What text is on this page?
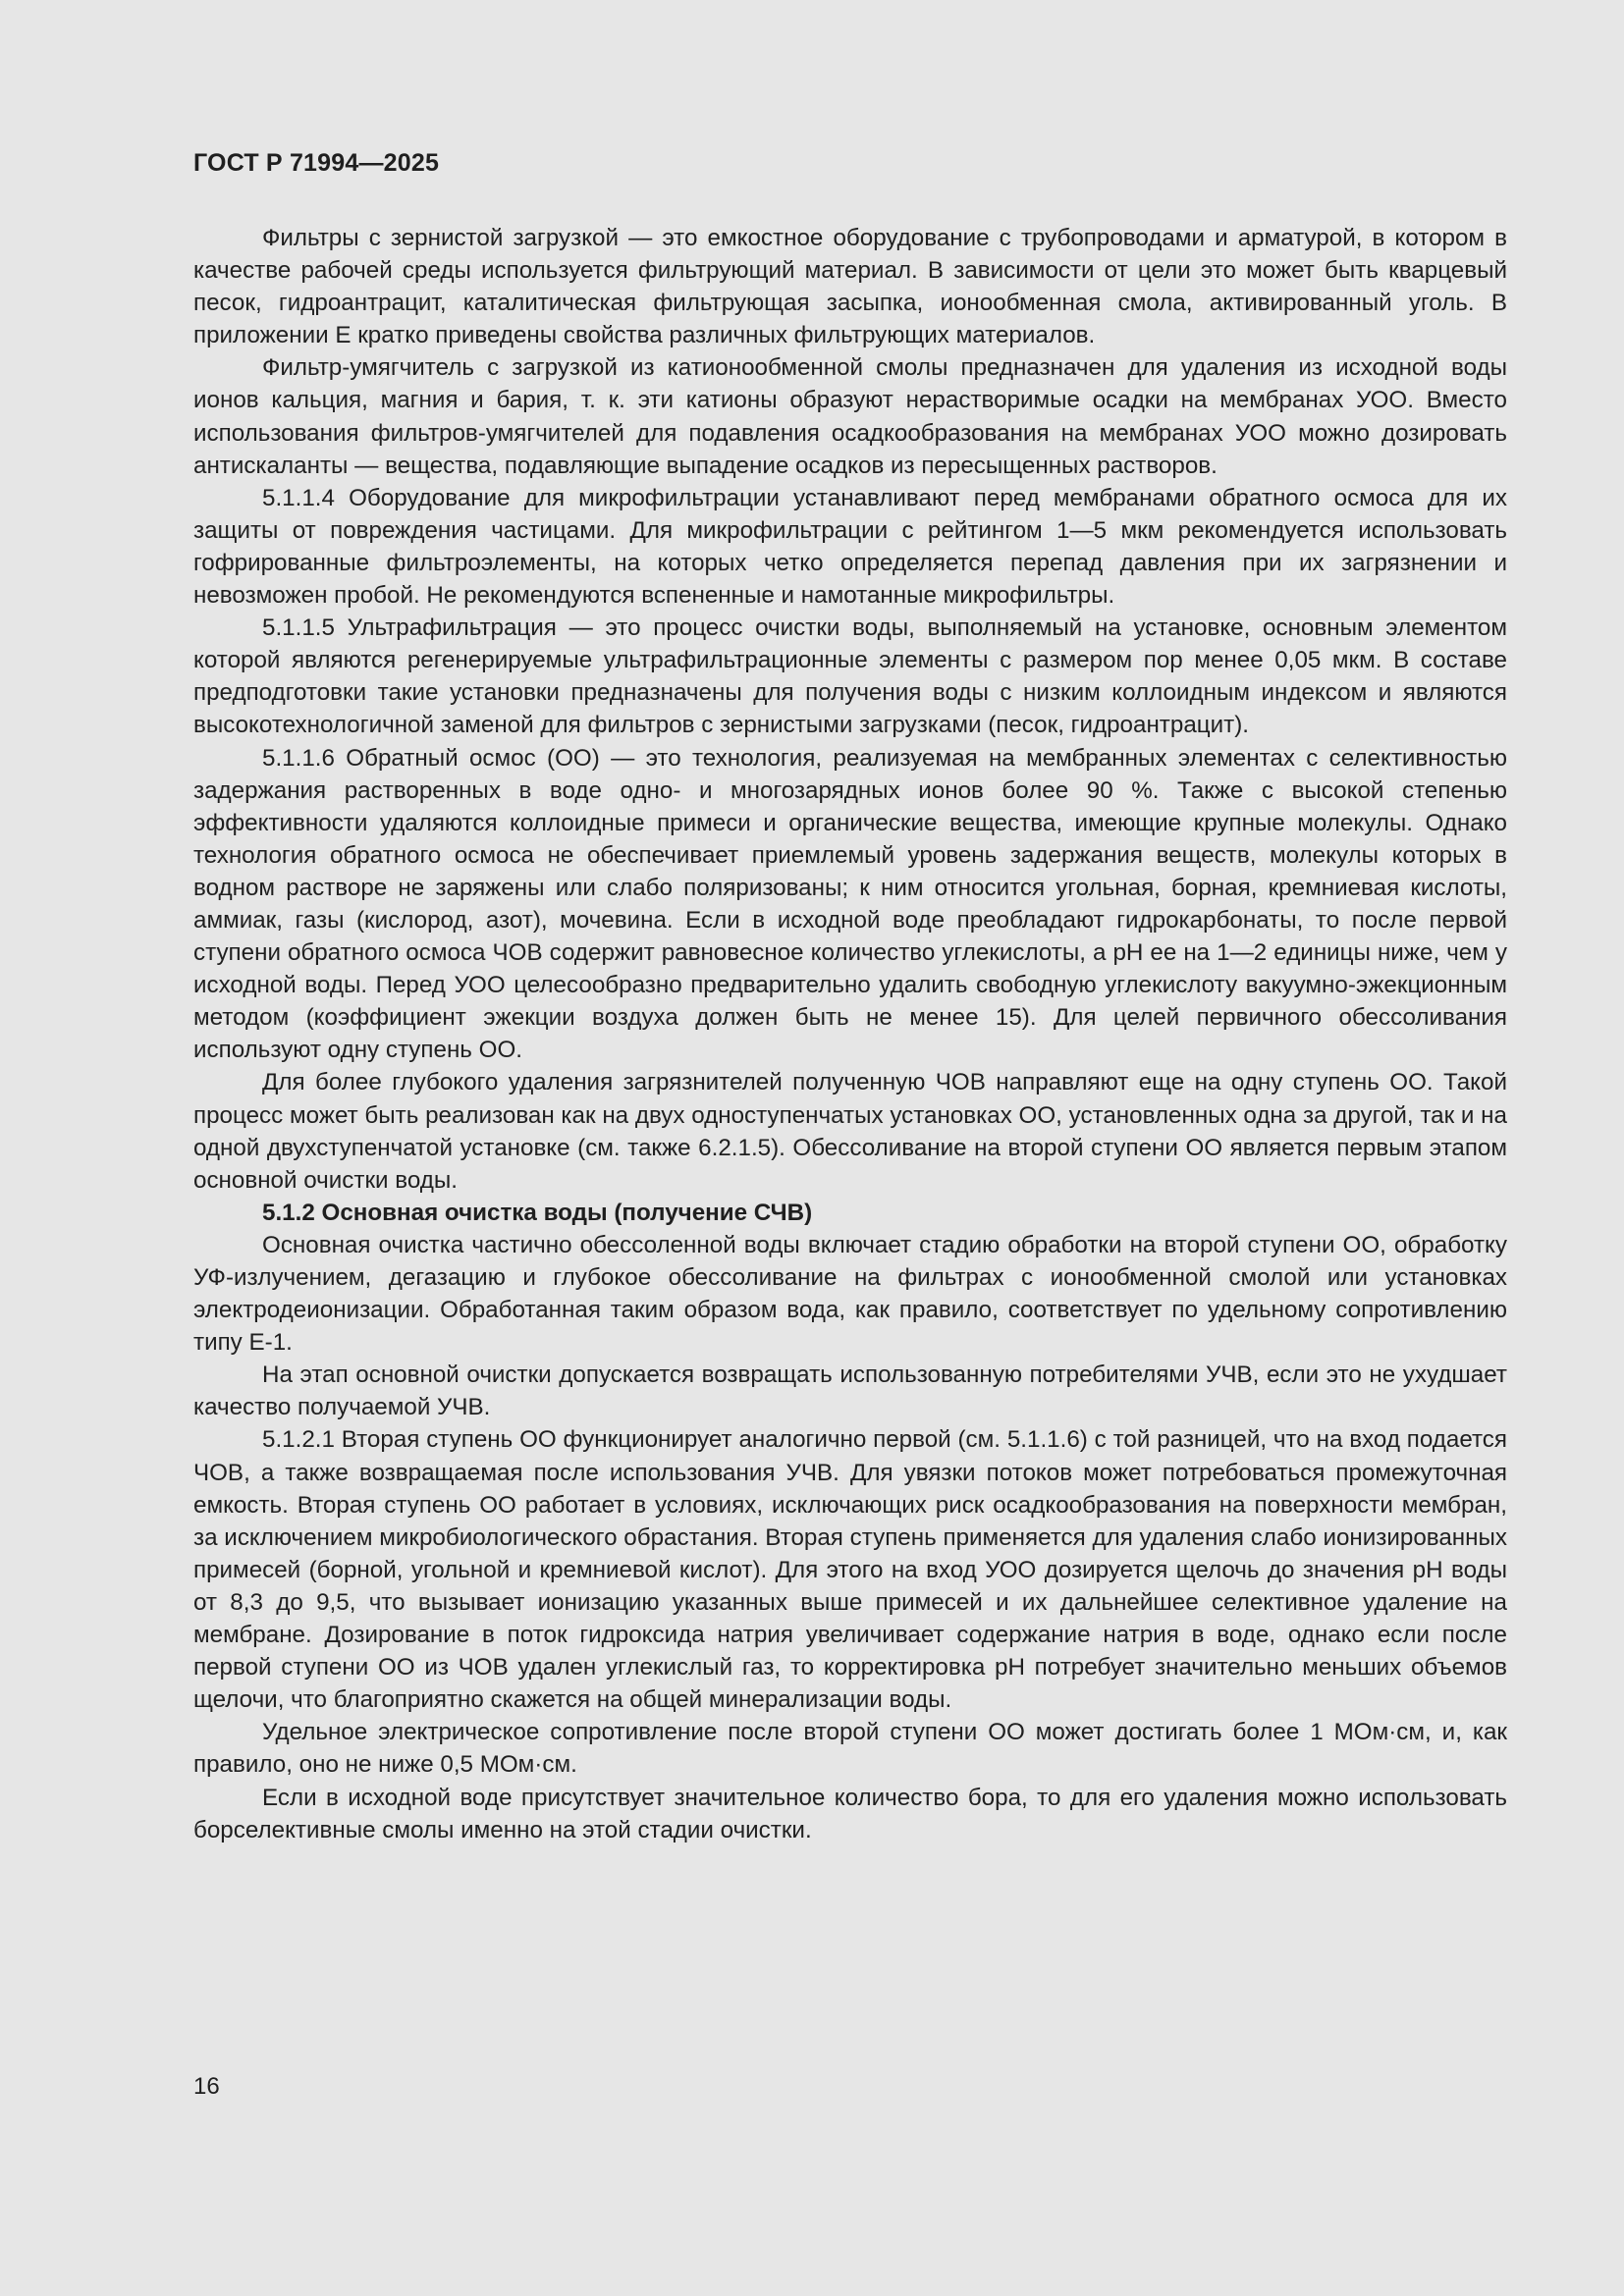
ГОСТ Р 71994—2025

Фильтры с зернистой загрузкой — это емкостное оборудование с трубопроводами и арматурой, в котором в качестве рабочей среды используется фильтрующий материал. В зависимости от цели это может быть кварцевый песок, гидроантрацит, каталитическая фильтрующая засыпка, ионообменная смола, активированный уголь. В приложении Е кратко приведены свойства различных фильтрующих материалов.

Фильтр-умягчитель с загрузкой из катионообменной смолы предназначен для удаления из исходной воды ионов кальция, магния и бария, т. к. эти катионы образуют нерастворимые осадки на мембранах УОО. Вместо использования фильтров-умягчителей для подавления осадкообразования на мембранах УОО можно дозировать антискаланты — вещества, подавляющие выпадение осадков из пересыщенных растворов.

5.1.1.4 Оборудование для микрофильтрации устанавливают перед мембранами обратного осмоса для их защиты от повреждения частицами. Для микрофильтрации с рейтингом 1—5 мкм рекомендуется использовать гофрированные фильтроэлементы, на которых четко определяется перепад давления при их загрязнении и невозможен пробой. Не рекомендуются вспененные и намотанные микрофильтры.

5.1.1.5 Ультрафильтрация — это процесс очистки воды, выполняемый на установке, основным элементом которой являются регенерируемые ультрафильтрационные элементы с размером пор менее 0,05 мкм. В составе предподготовки такие установки предназначены для получения воды с низким коллоидным индексом и являются высокотехнологичной заменой для фильтров с зернистыми загрузками (песок, гидроантрацит).

5.1.1.6 Обратный осмос (ОО) — это технология, реализуемая на мембранных элементах с селективностью задержания растворенных в воде одно- и многозарядных ионов более 90 %. Также с высокой степенью эффективности удаляются коллоидные примеси и органические вещества, имеющие крупные молекулы. Однако технология обратного осмоса не обеспечивает приемлемый уровень задержания веществ, молекулы которых в водном растворе не заряжены или слабо поляризованы; к ним относится угольная, борная, кремниевая кислоты, аммиак, газы (кислород, азот), мочевина. Если в исходной воде преобладают гидрокарбонаты, то после первой ступени обратного осмоса ЧОВ содержит равновесное количество углекислоты, а pH ее на 1—2 единицы ниже, чем у исходной воды. Перед УОО целесообразно предварительно удалить свободную углекислоту вакуумно-эжекционным методом (коэффициент эжекции воздуха должен быть не менее 15). Для целей первичного обессоливания используют одну ступень ОО.

Для более глубокого удаления загрязнителей полученную ЧОВ направляют еще на одну ступень ОО. Такой процесс может быть реализован как на двух одноступенчатых установках ОО, установленных одна за другой, так и на одной двухступенчатой установке (см. также 6.2.1.5). Обессоливание на второй ступени ОО является первым этапом основной очистки воды.

5.1.2 Основная очистка воды (получение СЧВ)

Основная очистка частично обессоленной воды включает стадию обработки на второй ступени ОО, обработку УФ-излучением, дегазацию и глубокое обессоливание на фильтрах с ионообменной смолой или установках электродеионизации. Обработанная таким образом вода, как правило, соответствует по удельному сопротивлению типу Е-1.

На этап основной очистки допускается возвращать использованную потребителями УЧВ, если это не ухудшает качество получаемой УЧВ.

5.1.2.1 Вторая ступень ОО функционирует аналогично первой (см. 5.1.1.6) с той разницей, что на вход подается ЧОВ, а также возвращаемая после использования УЧВ. Для увязки потоков может потребоваться промежуточная емкость. Вторая ступень ОО работает в условиях, исключающих риск осадкообразования на поверхности мембран, за исключением микробиологического обрастания. Вторая ступень применяется для удаления слабо ионизированных примесей (борной, угольной и кремниевой кислот). Для этого на вход УОО дозируется щелочь до значения pH воды от 8,3 до 9,5, что вызывает ионизацию указанных выше примесей и их дальнейшее селективное удаление на мембране. Дозирование в поток гидроксида натрия увеличивает содержание натрия в воде, однако если после первой ступени ОО из ЧОВ удален углекислый газ, то корректировка pH потребует значительно меньших объемов щелочи, что благоприятно скажется на общей минерализации воды.

Удельное электрическое сопротивление после второй ступени ОО может достигать более 1 МОм·см, и, как правило, оно не ниже 0,5 МОм·см.

Если в исходной воде присутствует значительное количество бора, то для его удаления можно использовать борселективные смолы именно на этой стадии очистки.

16
